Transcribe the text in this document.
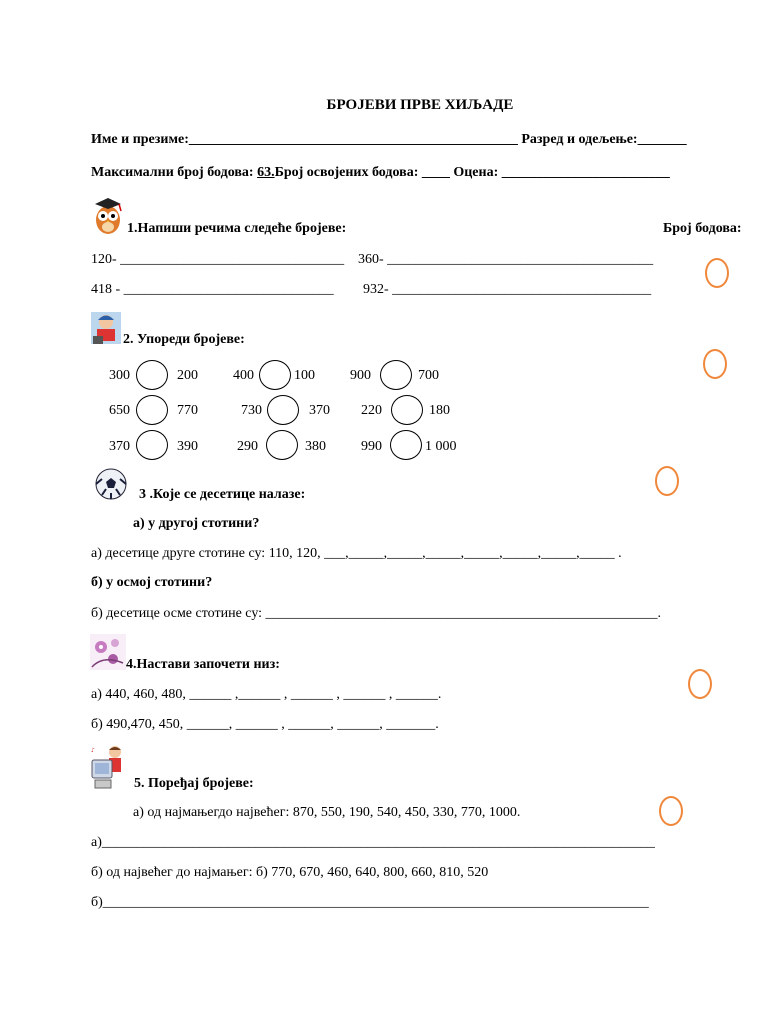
БРОЈЕВИ ПРВЕ ХИЉАДЕ
Име и презиме:_______________________________________________ Разред и одељење:_______
Максимални број бодова: 63.Број освојених бодова: ____ Оцена: ________________________
1.Напиши речима следеће бројеве:	Број бодова:
120- ________________________________ 360- ______________________________________
418 - ______________________________ 932- _____________________________________
2. Упореди бројеве:
300	200	400	100	900	700
650	770	730	370 220	180
370	390	290	380	990	1 000
3 .Које се десетице налазе:
а) у другој стотини?
а) десетице друге стотине су: 110, 120, ___,_____,_____,_____,_____,_____,_____,_____ .
б) у осмој стотини?
б) десетице осме стотине су: ________________________________________________________.
4.Настави започети низ:
а) 440, 460, 480, ______ ,______ , ______ , ______ , ______.
б) 490,470, 450, ______, ______ , ______, ______, _______.
♪
5. Поређај бројеве:
а) од најмањегдо највећег: 870, 550, 190, 540, 450, 330, 770, 1000.
а)_______________________________________________________________________________
б) од највећег до најмањег: б) 770, 670, 460, 640, 800, 660, 810, 520
б)______________________________________________________________________________
